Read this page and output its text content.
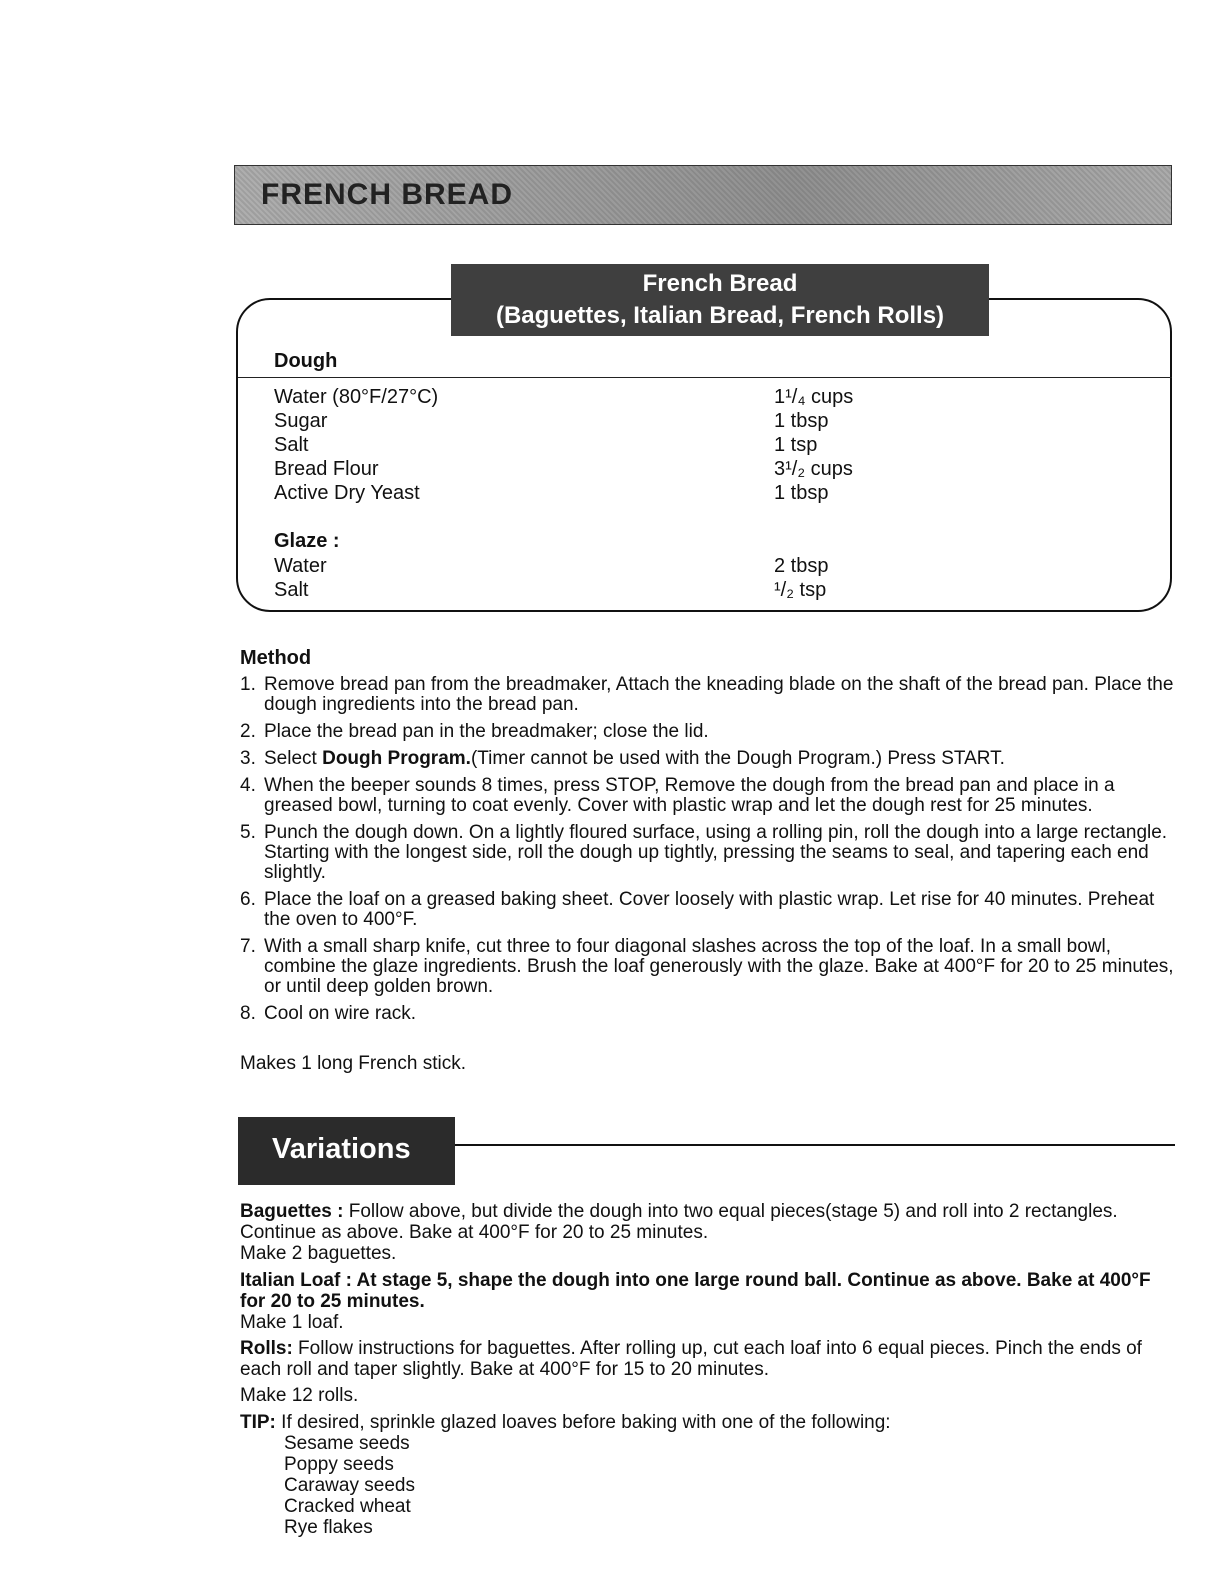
FRENCH BREAD
French Bread
(Baguettes, Italian Bread, French Rolls)
Dough
Water (80°F/27°C)
Sugar
Salt
Bread Flour
Active Dry Yeast
1¹/₄ cups
1 tbsp
1 tsp
3¹/₂ cups
1 tbsp
Glaze :
Water
Salt
2 tbsp
¹/₂ tsp
Method
1. Remove bread pan from the breadmaker, Attach the kneading blade on the shaft of the bread pan. Place the dough ingredients into the bread pan.
2. Place the bread pan in the breadmaker; close the lid.
3. Select Dough Program.(Timer cannot be used with the Dough Program.) Press START.
4. When the beeper sounds 8 times, press STOP, Remove the dough from the bread pan and place in a greased bowl, turning to coat evenly. Cover with plastic wrap and let the dough rest for 25 minutes.
5. Punch the dough down. On a lightly floured surface, using a rolling pin, roll the dough into a large rectangle. Starting with the longest side, roll the dough up tightly, pressing the seams to seal, and tapering each end slightly.
6. Place the loaf on a greased baking sheet. Cover loosely with plastic wrap. Let rise for 40 minutes. Preheat the oven to 400°F.
7. With a small sharp knife, cut three to four diagonal slashes across the top of the loaf. In a small bowl, combine the glaze ingredients. Brush the loaf generously with the glaze. Bake at 400°F for 20 to 25 minutes, or until deep golden brown.
8. Cool on wire rack.
Makes 1 long French stick.
Variations

Baguettes : Follow above, but divide the dough into two equal pieces(stage 5) and roll into 2 rectangles. Continue as above. Bake at 400°F for 20 to 25 minutes.

Make 2 baguettes.

Italian Loaf : At stage 5, shape the dough into one large round ball. Continue as above. Bake at 400°F for 20 to 25 minutes.

Make 1 loaf.

Rolls: Follow instructions for baguettes. After rolling up, cut each loaf into 6 equal pieces. Pinch the ends of each roll and taper slightly. Bake at 400°F for 15 to 20 minutes.

Make 12 rolls.

TIP: If desired, sprinkle glazed loaves before baking with one of the following:

Sesame seeds
Poppy seeds
Caraway seeds
Cracked wheat
Rye flakes
